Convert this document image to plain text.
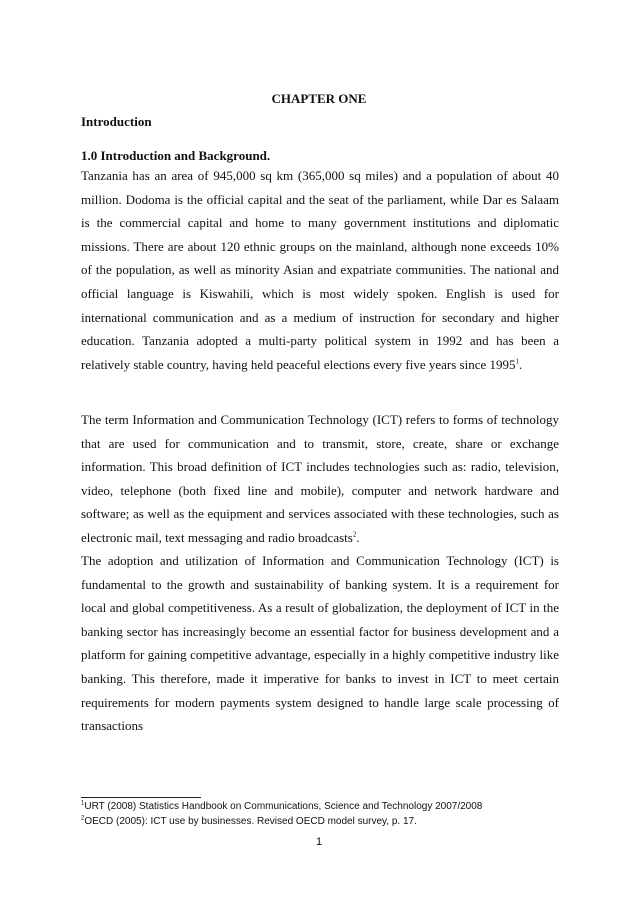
CHAPTER ONE
Introduction
1.0 Introduction and Background.

Tanzania has an area of 945,000 sq km (365,000 sq miles) and a population of about 40 million. Dodoma is the official capital and the seat of the parliament, while Dar es Salaam is the commercial capital and home to many government institutions and diplomatic missions. There are about 120 ethnic groups on the mainland, although none exceeds 10% of the population, as well as minority Asian and expatriate communities. The national and official language is Kiswahili, which is most widely spoken. English is used for international communication and as a medium of instruction for secondary and higher education. Tanzania adopted a multi-party political system in 1992 and has been a relatively stable country, having held peaceful elections every five years since 1995$^1$.

The term Information and Communication Technology (ICT) refers to forms of technology that are used for communication and to transmit, store, create, share or exchange information. This broad definition of ICT includes technologies such as: radio, television, video, telephone (both fixed line and mobile), computer and network hardware and software; as well as the equipment and services associated with these technologies, such as electronic mail, text messaging and radio broadcasts$^2$.

The adoption and utilization of Information and Communication Technology (ICT) is fundamental to the growth and sustainability of banking system. It is a requirement for local and global competitiveness. As a result of globalization, the deployment of ICT in the banking sector has increasingly become an essential factor for business development and a platform for gaining competitive advantage, especially in a highly competitive industry like banking. This therefore, made it imperative for banks to invest in ICT to meet certain requirements for modern payments system designed to handle large scale processing of transactions

$^1$URT (2008) Statistics Handbook on Communications, Science and Technology 2007/2008
$^2$OECD (2005): ICT use by businesses. Revised OECD model survey, p. 17.
1
